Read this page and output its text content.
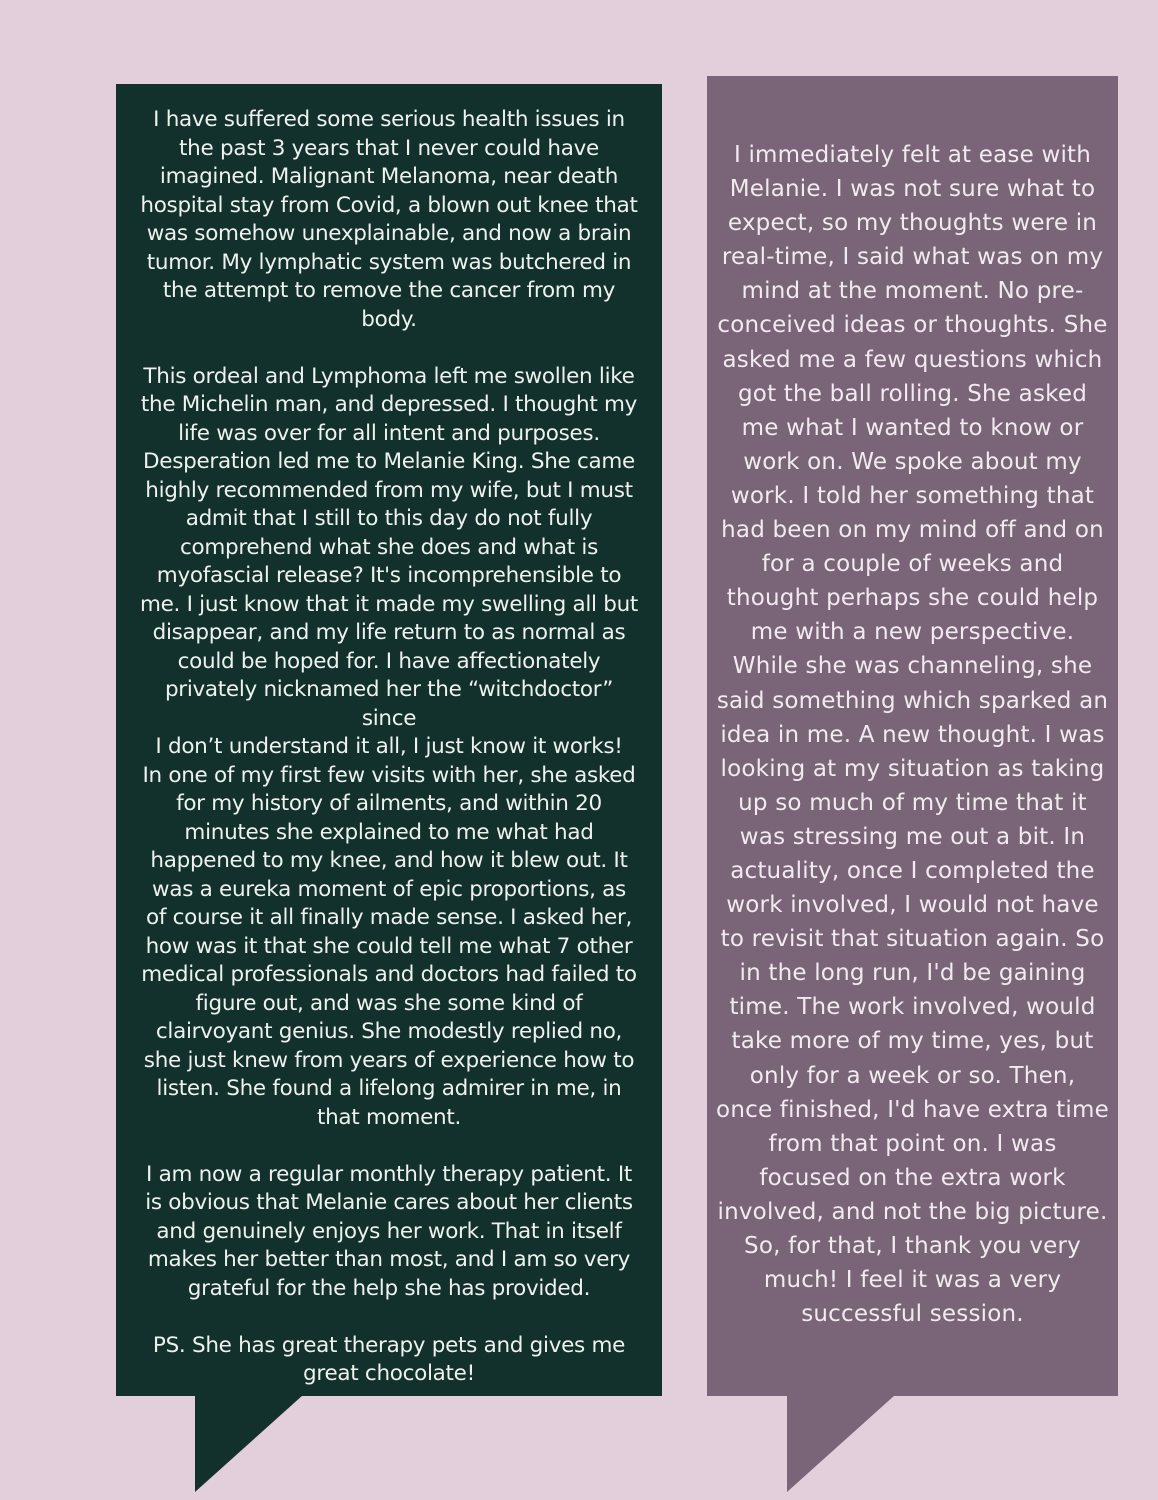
I have suffered some serious health issues in
the past 3 years that I never could have
imagined. Malignant Melanoma, near death
hospital stay from Covid, a blown out knee that
was somehow unexplainable, and now a brain
tumor. My lymphatic system was butchered in
the attempt to remove the cancer from my
body.

This ordeal and Lymphoma left me swollen like
the Michelin man, and depressed. I thought my
life was over for all intent and purposes.
Desperation led me to Melanie King. She came
highly recommended from my wife, but I must
admit that I still to this day do not fully
comprehend what she does and what is
myofascial release? It's incomprehensible to
me. I just know that it made my swelling all but
disappear, and my life return to as normal as
could be hoped for. I have affectionately
privately nicknamed her the “witchdoctor” since
I don’t understand it all, I just know it works!
In one of my first few visits with her, she asked
for my history of ailments, and within 20
minutes she explained to me what had
happened to my knee, and how it blew out. It
was a eureka moment of epic proportions, as
of course it all finally made sense. I asked her,
how was it that she could tell me what 7 other
medical professionals and doctors had failed to
figure out, and was she some kind of
clairvoyant genius. She modestly replied no,
she just knew from years of experience how to
listen. She found a lifelong admirer in me, in
that moment.

I am now a regular monthly therapy patient. It
is obvious that Melanie cares about her clients
and genuinely enjoys her work. That in itself
makes her better than most, and I am so very
grateful for the help she has provided.

PS. She has great therapy pets and gives me
great chocolate!

I immediately felt at ease with
Melanie. I was not sure what to
expect, so my thoughts were in
real-time, I said what was on my
mind at the moment. No pre-
conceived ideas or thoughts. She
asked me a few questions which
got the ball rolling. She asked
me what I wanted to know or
work on. We spoke about my
work. I told her something that
had been on my mind off and on
for a couple of weeks and
thought perhaps she could help
me with a new perspective.
While she was channeling, she
said something which sparked an
idea in me. A new thought. I was
looking at my situation as taking
up so much of my time that it
was stressing me out a bit. In
actuality, once I completed the
work involved, I would not have
to revisit that situation again. So
in the long run, I'd be gaining
time. The work involved, would
take more of my time, yes, but
only for a week or so. Then,
once finished, I'd have extra time
from that point on. I was
focused on the extra work
involved, and not the big picture.
So, for that, I thank you very
much! I feel it was a very
successful session.
